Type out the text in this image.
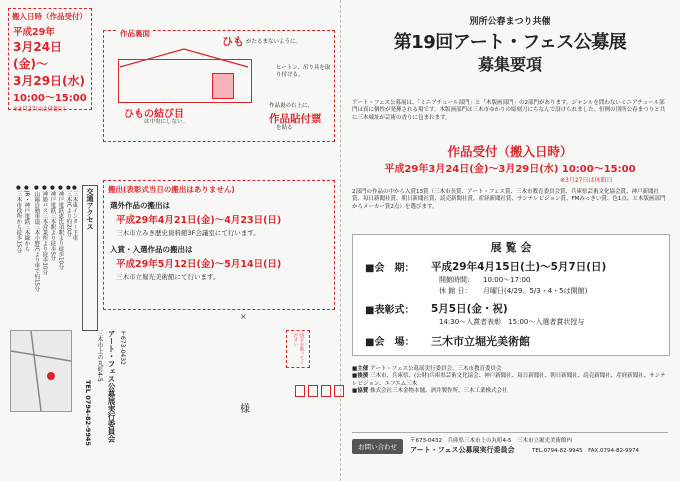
搬入日時（作品受付）
平成29年
3月24日(金)〜
3月29日(水)
10:00〜15:00
※3月27日は休館日
作品裏面
ひも がたるまないように。
ヒートン、吊り具を取り付ける。
ひもの結び目
は中央にしない。
作品裏の右上に、
作品貼付票
を貼る
交通アクセス
●神戸電鉄恵比須駅より徒歩10分
●神戸電鉄三木駅より徒歩5分
●神姫バス三木営業所より徒歩10分
●山陽自動車道三木小野ICより車で約15分
●JR・神戸電鉄三木線から
●三木市役所から徒歩15分	●三木東インター下車
●三木ICより約20分	搬出(表彰式当日の搬出はありません)
選外作品の搬出は
平成29年4月21日(金)〜4月23日(日)
三木市立みき歴史資料館3F会議室にて行います。
入賞・入選作品の搬出は
平成29年5月12日(金)〜5月14日(日)
三木市立堀光美術館にて行います。
〒673-0432
アート・フェス公募展実行委員会
三木市上の丸町4-5
TEL 0794-82-9945
×
切手を貼ってください
様
別所公春まつり共催
第19回アート・フェス公募展
募集要項
アート・フェス公募展は、「ミニアチュール部門」と「木版画部門」の2部門があります。ジャンルを問わないミニアチュール部門は真に個性が発揮される場です。木版画部門は三木市ゆかりの彫刻刀にちなんで設けられました。恒例の別所公春まつりと共に三木城址が芸術の香りに包まれます。
作品受付（搬入日時）
平成29年3月24日(金)〜3月29日(水) 10:00〜15:00
※3月27日は休館日
2部門の作品の中から入賞13賞（三木市長賞、アート・フェス賞、三木市教育委員会賞、兵庫県芸術文化協会賞、神戸新聞社賞、毎日新聞社賞、朝日新聞社賞、読売新聞社賞、産経新聞社賞、サンテレビジョン賞、FMみっきい賞、色1点、と木版画部門からメーカー賞2点）を選びます。
展 覧 会
■会　期： 平成29年4月15日(土)〜5月7日(日)
開館時間： 10:00〜17:00
休 館 日： 月曜日(4/29、5/3・4・5は開館)
■表彰式： 5月5日(金・祝)
14:30〜入賞者表彰　15:00〜入選者賞状授与
■会　場： 三木市立堀光美術館
■主催 アート・フェス公募展実行委員会、三木市教育委員会
■後援 三木市、兵庫県、(公財)兵庫県芸術文化協会、神戸新聞社、毎日新聞社、朝日新聞社、読売新聞社、産経新聞社、サンテレビジョン、エフエム三木
■協賛 株式会社三木金物本舗、酒井製作所、三木工業株式会社
お問い合わせ
〒673-0432　兵庫県三木市上の丸町4-5　三木市立堀光美術館内
アート・フェス公募展実行委員会	TEL.0794-82-9945　FAX.0794-82-9974
